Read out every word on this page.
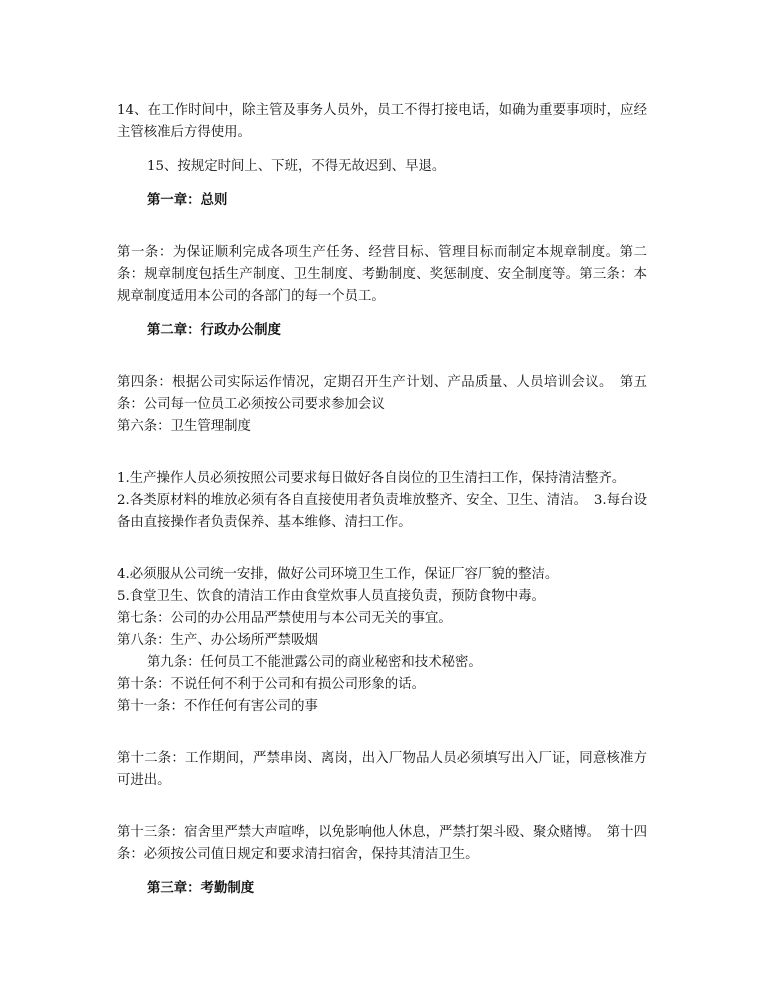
14、在工作时间中，除主管及事务人员外，员工不得打接电话，如确为重要事项时，应经主管核准后方得使用。

15、按规定时间上、下班，不得无故迟到、早退。

第一章：总则

第一条：为保证顺利完成各项生产任务、经营目标、管理目标而制定本规章制度。第二条：规章制度包括生产制度、卫生制度、考勤制度、奖惩制度、安全制度等。第三条：本规章制度适用本公司的各部门的每一个员工。

第二章：行政办公制度

第四条：根据公司实际运作情况，定期召开生产计划、产品质量、人员培训会议。　第五条：公司每一位员工必须按公司要求参加会议

第六条：卫生管理制度

1.生产操作人员必须按照公司要求每日做好各自岗位的卫生清扫工作，保持清洁整齐。

2.各类原材料的堆放必须有各自直接使用者负责堆放整齐、安全、卫生、清洁。　3.每台设备由直接操作者负责保养、基本维修、清扫工作。

4.必须服从公司统一安排，做好公司环境卫生工作，保证厂容厂貌的整洁。

5.食堂卫生、饮食的清洁工作由食堂炊事人员直接负责，预防食物中毒。

第七条：公司的办公用品严禁使用与本公司无关的事宜。

第八条：生产、办公场所严禁吸烟

第九条：任何员工不能泄露公司的商业秘密和技术秘密。

第十条：不说任何不利于公司和有损公司形象的话。

第十一条：不作任何有害公司的事

第十二条：工作期间，严禁串岗、离岗，出入厂物品人员必须填写出入厂证，同意核准方可进出。

第十三条：宿舍里严禁大声喧哗，以免影响他人休息，严禁打架斗殴、聚众赌博。　第十四条：必须按公司值日规定和要求清扫宿舍，保持其清洁卫生。

第三章：考勤制度
